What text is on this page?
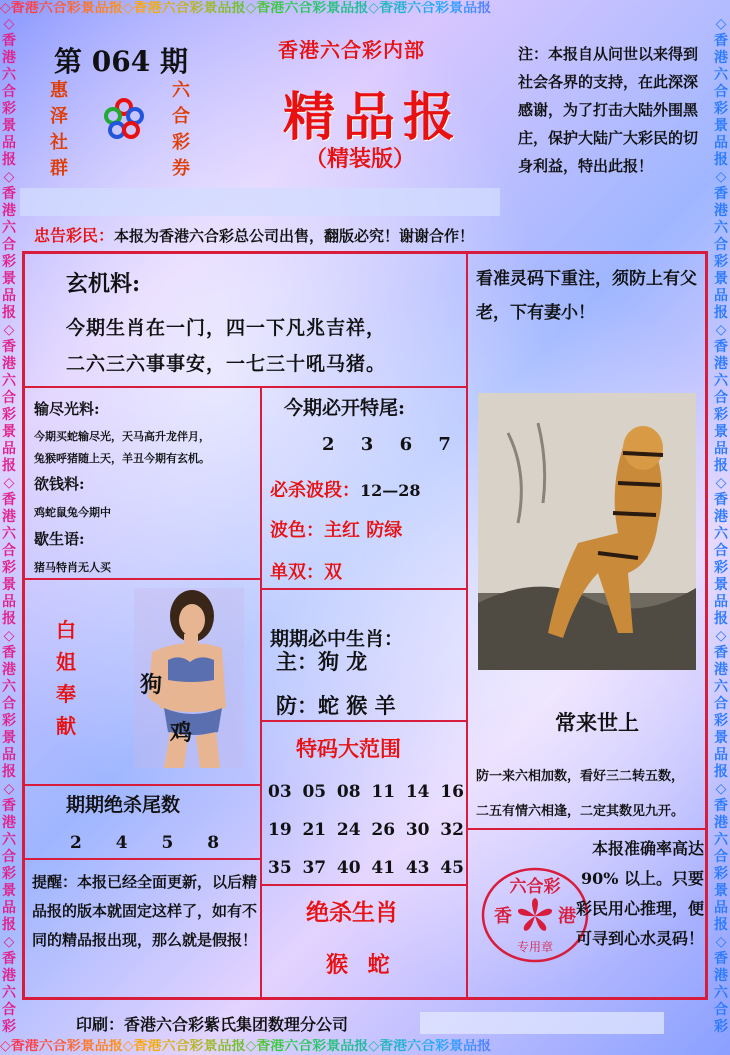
◇香港六合彩景品报◇香港六合彩景品报◇香港六合彩景品报◇香港六合彩景品报
◇香港六合彩景品报◇香港六合彩景品报◇香港六合彩景品报◇香港六合彩景品报
◇香港六合彩景品报◇香港六合彩景品报◇香港六合彩景品报◇香港六合彩景品报◇香港六合彩景品报◇香港六合彩景品报◇香港六合彩
◇香港六合彩景品报◇香港六合彩景品报◇香港六合彩景品报◇香港六合彩景品报◇香港六合彩景品报◇香港六合彩景品报◇香港六合彩
第 064 期
惠泽社群
六合彩券
香港六合彩内部
精品报
（精装版）
注：本报自从问世以来得到社会各界的支持，在此深深感谢，为了打击大陆外围黑庄，保护大陆广大彩民的切身利益，特出此报！
忠告彩民：本报为香港六合彩总公司出售，翻版必究！谢谢合作！
玄机料:
今期生肖在一门，四一下凡兆吉祥，
二六三六事事安，一七三十吼马猪。
看准灵码下重注，须防上有父老，下有妻小！
输尽光料:
今期买蛇输尽光，天马高升龙伴月，
兔猴呼猪随上天，羊丑今期有玄机。
欲钱料:
鸡蛇鼠兔今期中
歇生语:
猪马特肖无人买
今期必开特尾:
2 3 6 7
必杀波段：12—28
波色：主红 防绿
单双：双
白姐奉献
狗
鸡
期期必中生肖：
主：狗 龙
防：蛇 猴 羊
特码大范围
03 05 08 11 14 16
19 21 24 26 30 32
35 37 40 41 43 45
期期绝杀尾数
2 4 5 8
提醒：本报已经全面更新，以后精品报的版本就固定这样了，如有不同的精品报出现，那么就是假报！
绝杀生肖
猴 蛇
常来世上
防一来六相加数，看好三二转五数，
二五有情六相逢，二定其数见九开。
六合彩
香	港
专用章
本报准确率高达 90% 以上。只要彩民用心推理，便可寻到心水灵码！
印刷：香港六合彩紫氏集团数理分公司
